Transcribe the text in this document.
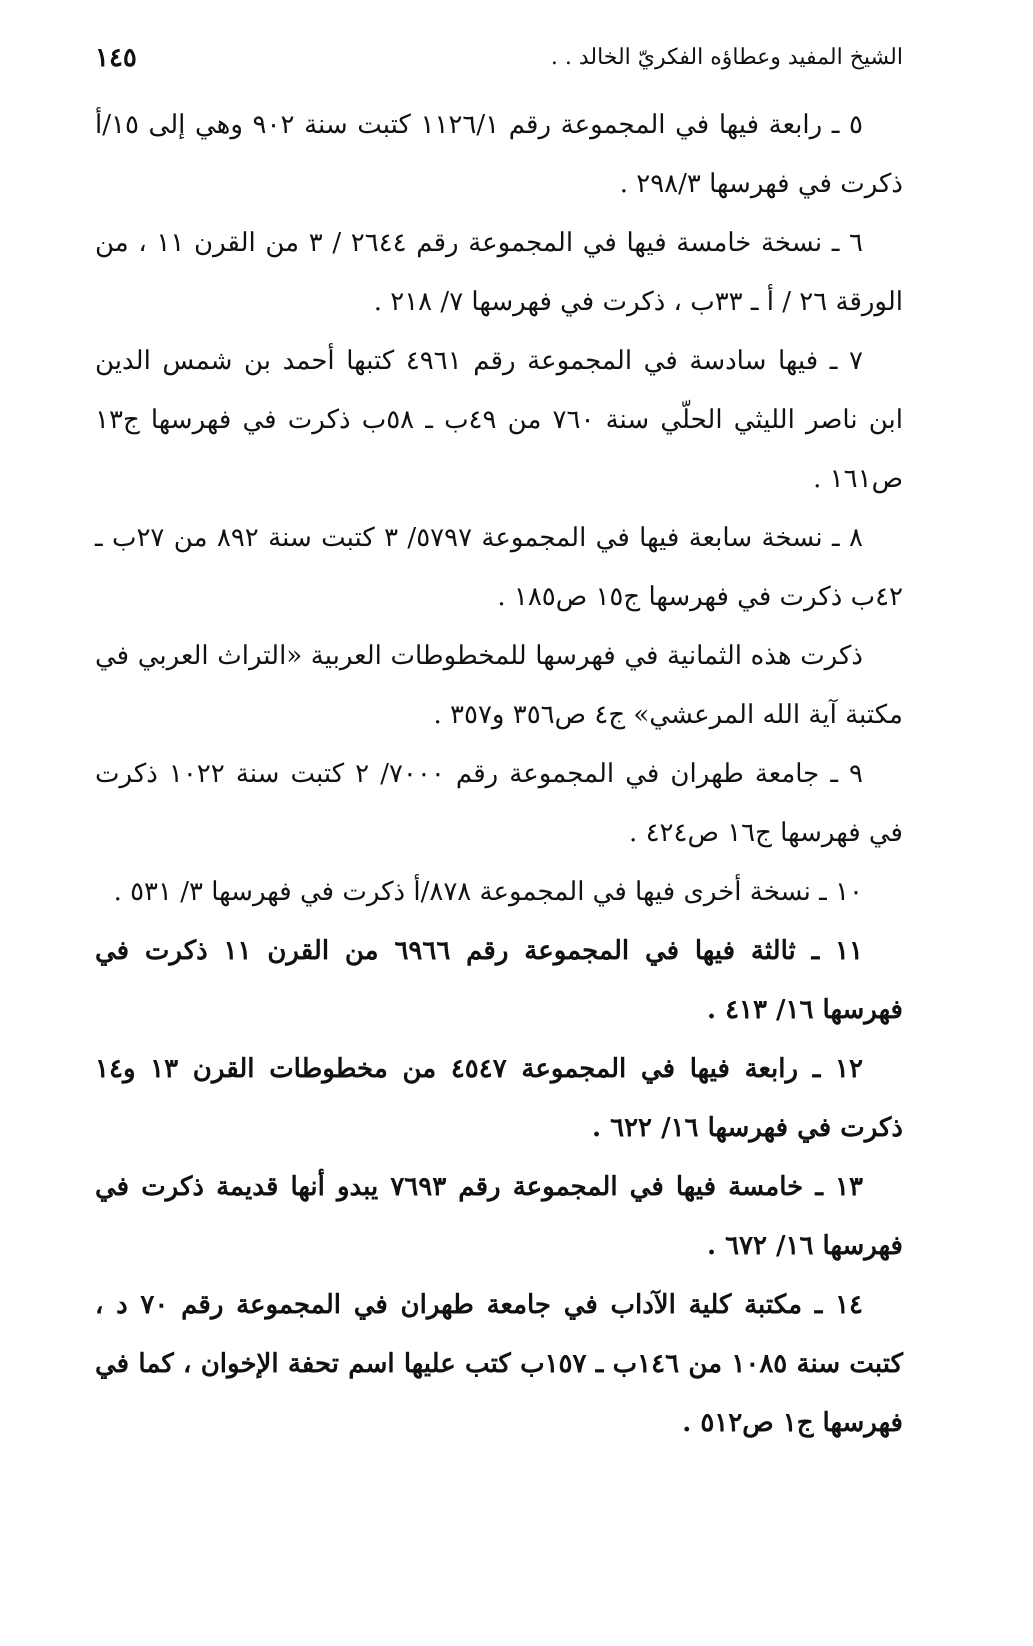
الشيخ المفيد وعطاؤه الفكريّ الخالد . .
١٤٥

٥ ـ رابعة فيها في المجموعة رقم ١١٢٦/١ كتبت سنة ٩٠٢ وهي إلى ١٥/أ ذكرت في فهرسها ٢٩٨/٣ .

٦ ـ نسخة خامسة فيها في المجموعة رقم ٢٦٤٤ / ٣ من القرن ١١ ، من الورقة ٢٦ / أ ـ ٣٣ب ، ذكرت في فهرسها ٧/ ٢١٨ .

٧ ـ فيها سادسة في المجموعة رقم ٤٩٦١ كتبها أحمد بن شمس الدين ابن ناصر الليثي الحلّي سنة ٧٦٠ من ٤٩ب ـ ٥٨ب ذكرت في فهرسها ج١٣ ص١٦١ .

٨ ـ نسخة سابعة فيها في المجموعة ٥٧٩٧/ ٣ كتبت سنة ٨٩٢ من ٢٧ب ـ ٤٢ب ذكرت في فهرسها ج١٥ ص١٨٥ .

ذكرت هذه الثمانية في فهرسها للمخطوطات العربية «التراث العربي في مكتبة آية الله المرعشي» ج٤ ص٣٥٦ و٣٥٧ .

٩ ـ جامعة طهران في المجموعة رقم ٧٠٠٠/ ٢ كتبت سنة ١٠٢٢ ذكرت في فهرسها ج١٦ ص٤٢٤ .

١٠ ـ نسخة أخرى فيها في المجموعة ٨٧٨/أ ذكرت في فهرسها ٣/ ٥٣١ .

١١ ـ ثالثة فيها في المجموعة رقم ٦٩٦٦ من القرن ١١ ذكرت في فهرسها ١٦/ ٤١٣ .

١٢ ـ رابعة فيها في المجموعة ٤٥٤٧ من مخطوطات القرن ١٣ و١٤ ذكرت في فهرسها ١٦/ ٦٢٢ .

١٣ ـ خامسة فيها في المجموعة رقم ٧٦٩٣ يبدو أنها قديمة ذكرت في فهرسها ١٦/ ٦٧٢ .

١٤ ـ مكتبة كلية الآداب في جامعة طهران في المجموعة رقم ٧٠ د ، كتبت سنة ١٠٨٥ من ١٤٦ب ـ ١٥٧ب كتب عليها اسم تحفة الإخوان ، كما في فهرسها ج١ ص٥١٢ .
